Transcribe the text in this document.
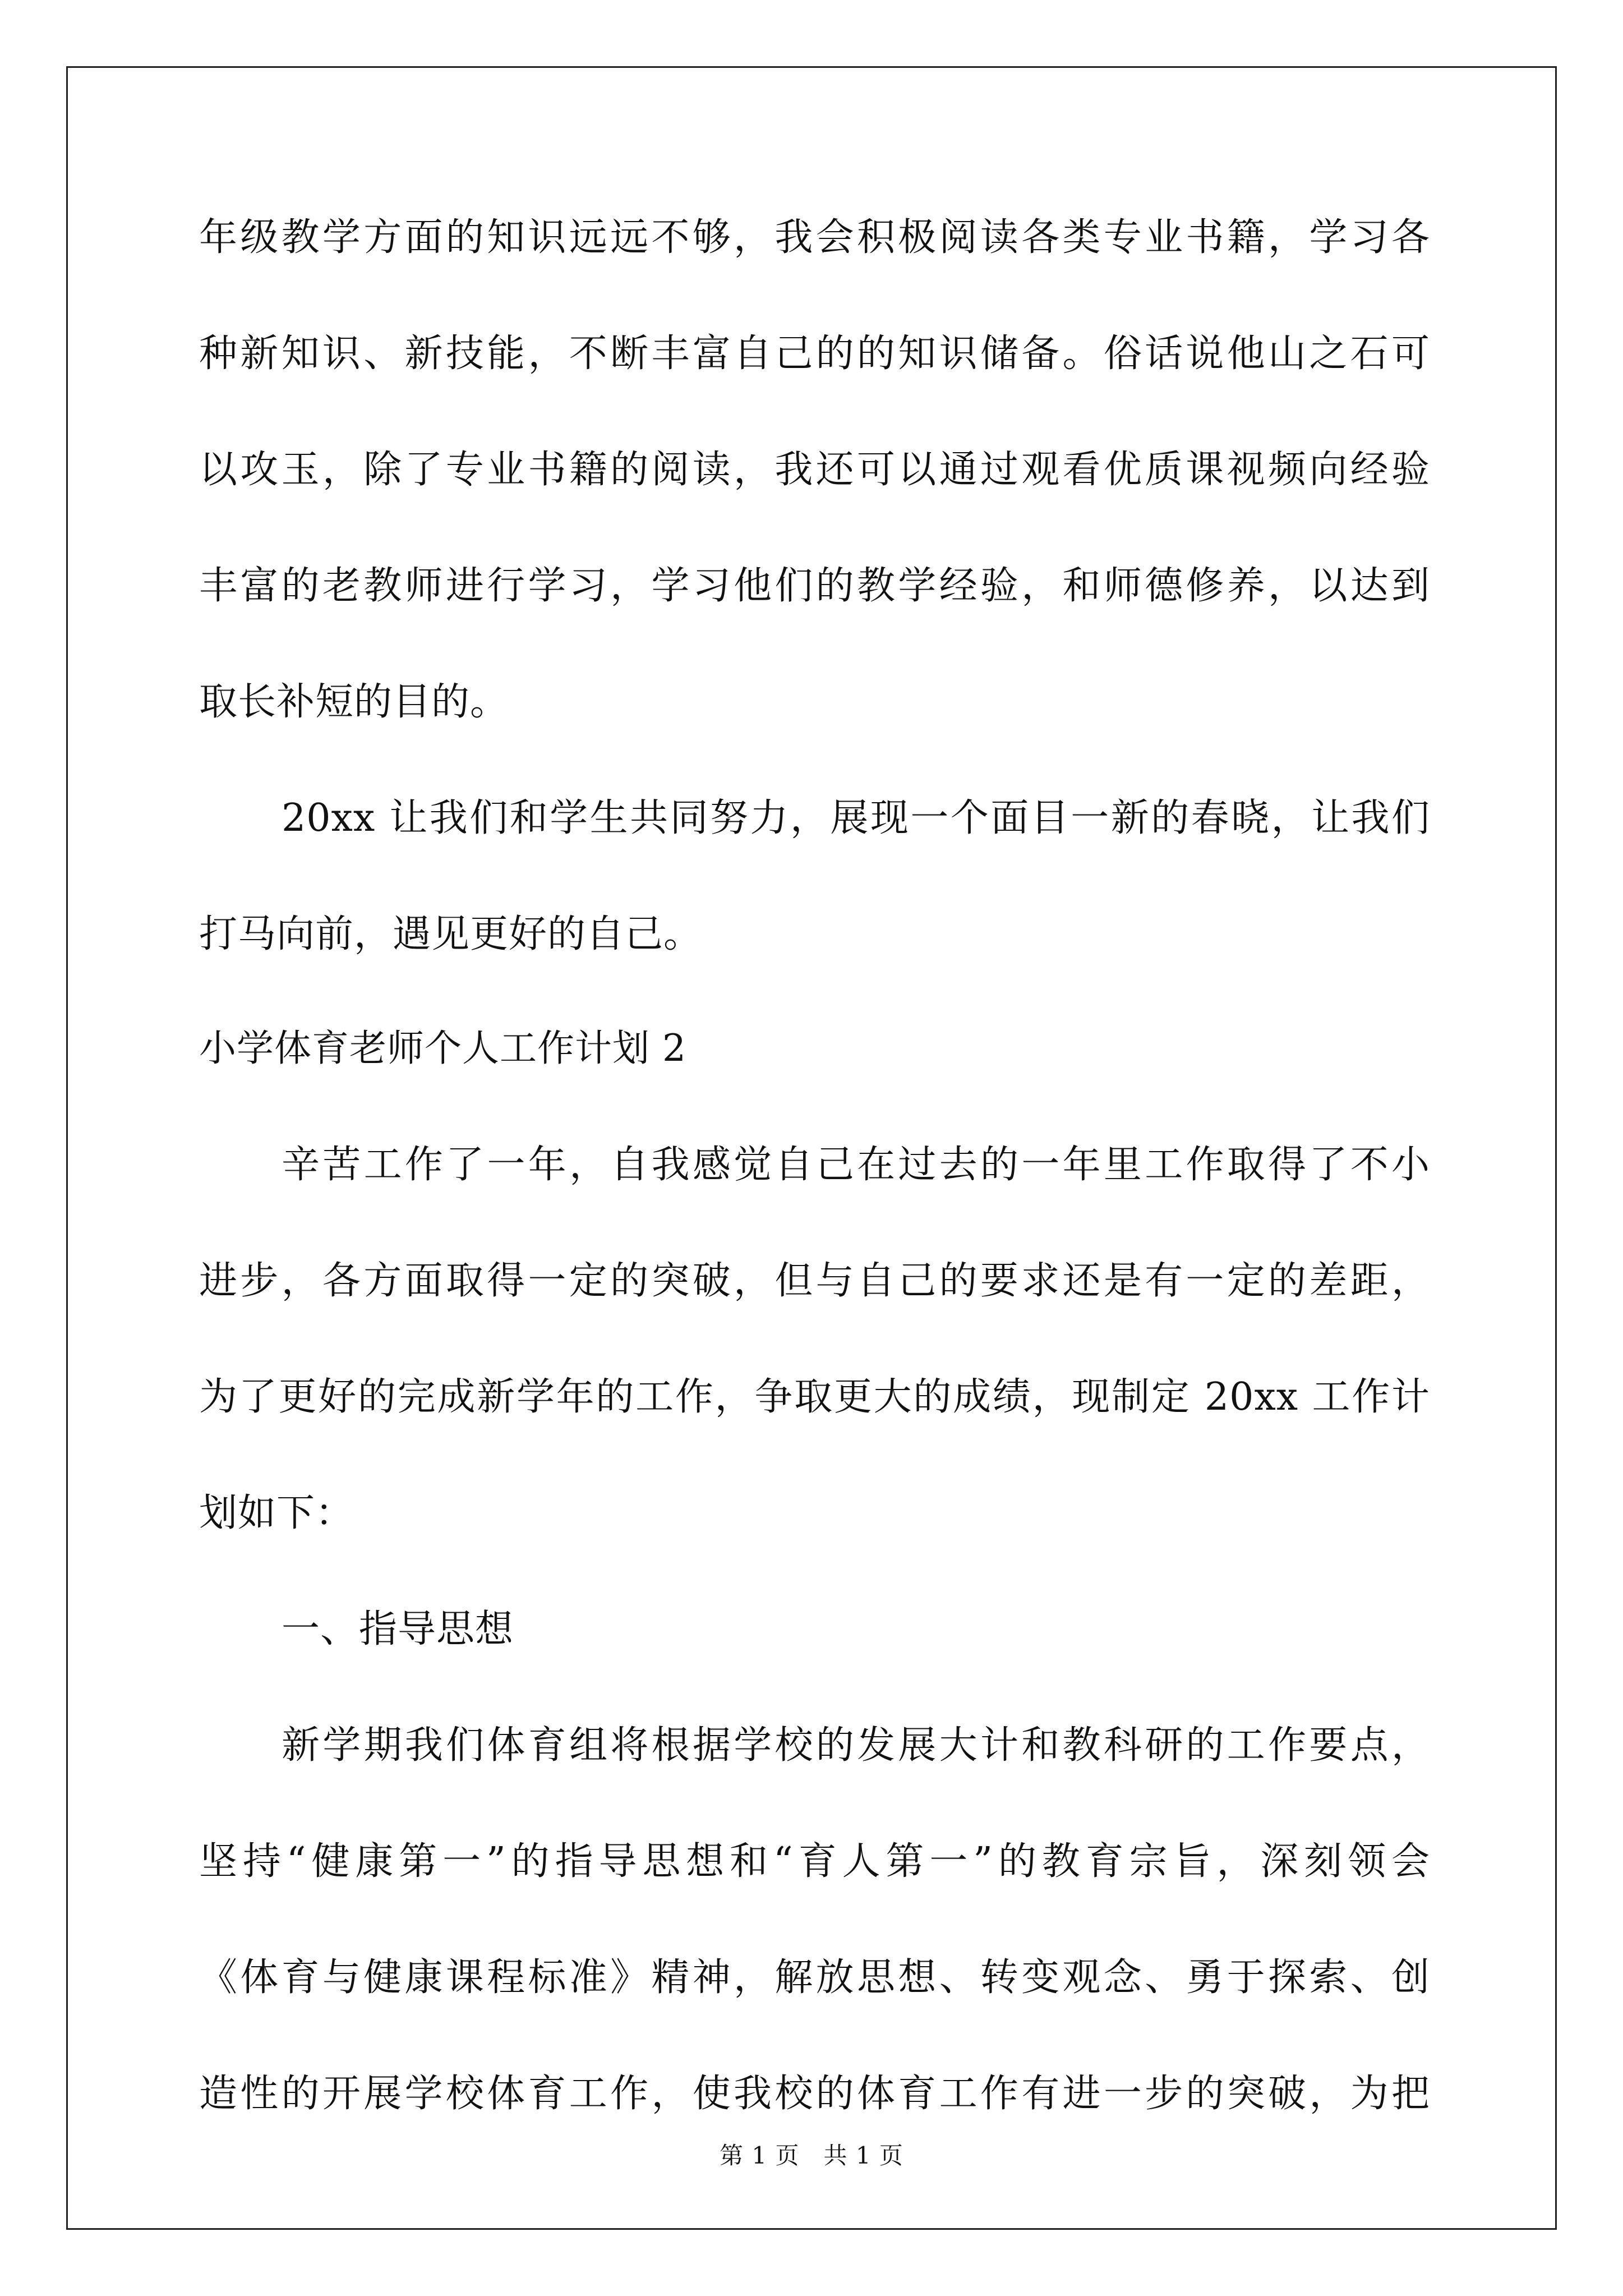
年级教学方面的知识远远不够，我会积极阅读各类专业书籍，学习各
种新知识、新技能，不断丰富自己的的知识储备。俗话说他山之石可
以攻玉，除了专业书籍的阅读，我还可以通过观看优质课视频向经验
丰富的老教师进行学习，学习他们的教学经验，和师德修养，以达到
取长补短的目的。
20xx 让我们和学生共同努力，展现一个面目一新的春晓，让我们
打马向前，遇见更好的自己。
小学体育老师个人工作计划 2
辛苦工作了一年，自我感觉自己在过去的一年里工作取得了不小
进步，各方面取得一定的突破，但与自己的要求还是有一定的差距，
为了更好的完成新学年的工作，争取更大的成绩，现制定 20xx 工作计
划如下：
一、指导思想
新学期我们体育组将根据学校的发展大计和教科研的工作要点，
坚持“健康第一”的指导思想和“育人第一”的教育宗旨，深刻领会
《体育与健康课程标准》精神，解放思想、转变观念、勇于探索、创
造性的开展学校体育工作，使我校的体育工作有进一步的突破，为把
第 1 页　共 1 页
